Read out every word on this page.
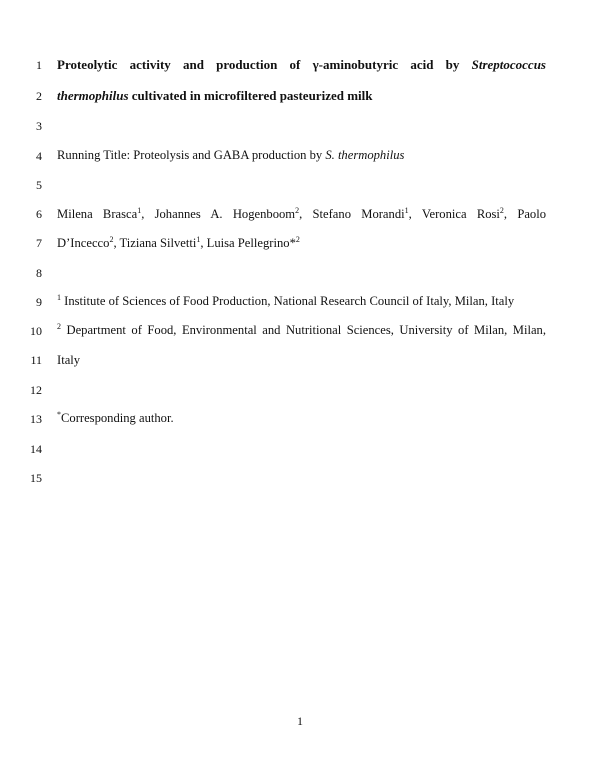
1
2
3
4
5
6
7
8
9
10
11
12
13
14
15
Proteolytic activity and production of γ-aminobutyric acid by Streptococcus
thermophilus cultivated in microfiltered pasteurized milk
Running Title: Proteolysis and GABA production by S. thermophilus
Milena Brasca$^1$, Johannes A. Hogenboom$^2$, Stefano Morandi$^1$, Veronica Rosi$^2$, Paolo
D’Incecco$^2$, Tiziana Silvetti$^1$, Luisa Pellegrino*$^2$
$^1$ Institute of Sciences of Food Production, National Research Council of Italy, Milan, Italy
$^2$ Department of Food, Environmental and Nutritional Sciences, University of Milan, Milan,
Italy
*Corresponding author.
1
